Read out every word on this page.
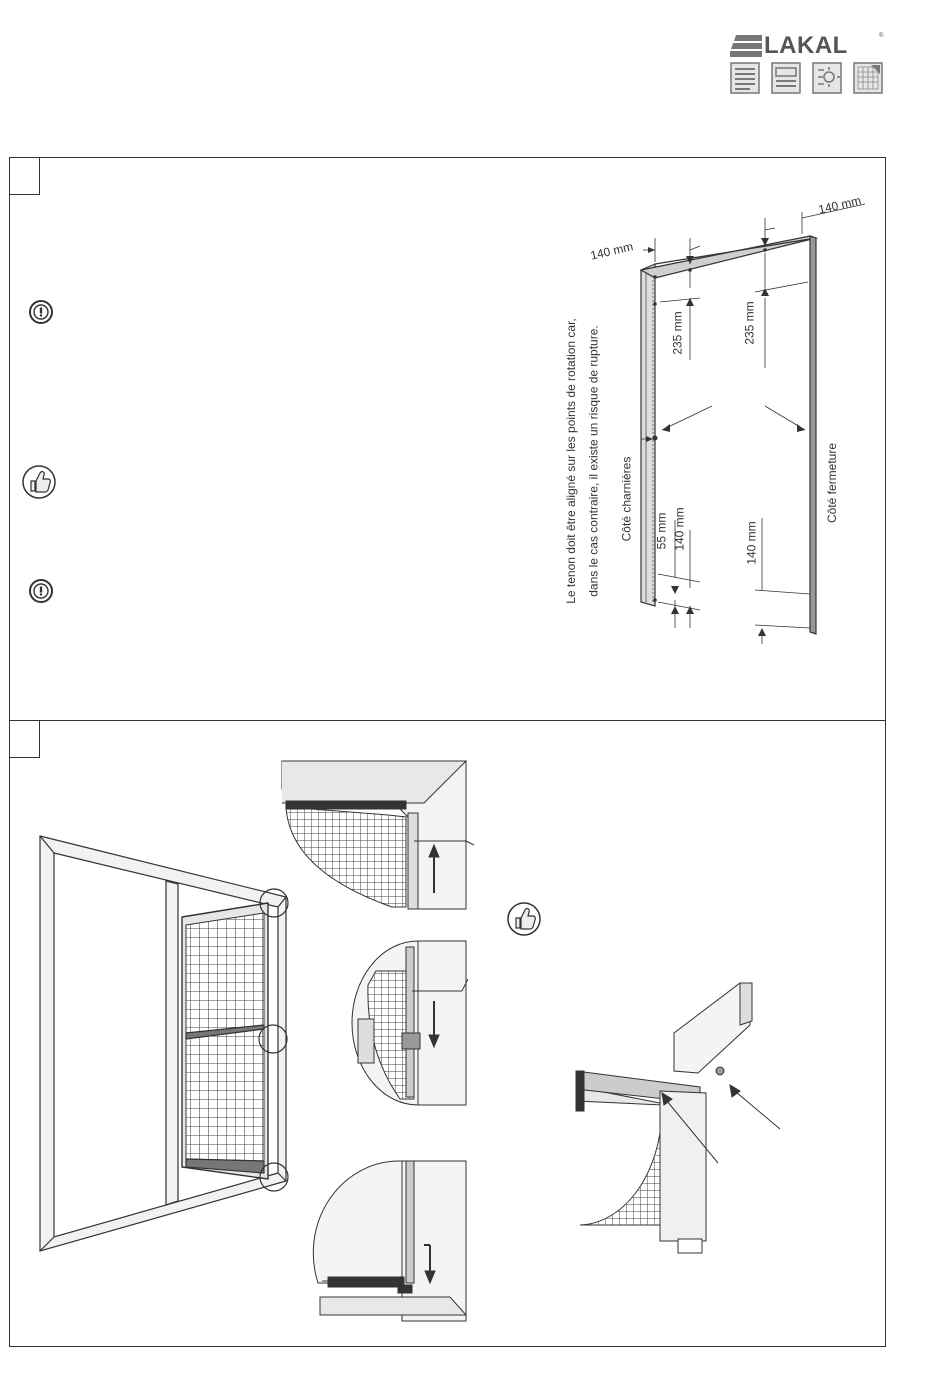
LAKAL	®
140 mm
140 mm
235 mm	235 mm
55 mm 140 mm	140 mm
Côté charnières	Côté fermeture
Le tenon doit être aligné sur les points de rotation car, dans le cas contraire, il existe un risque de rupture.
